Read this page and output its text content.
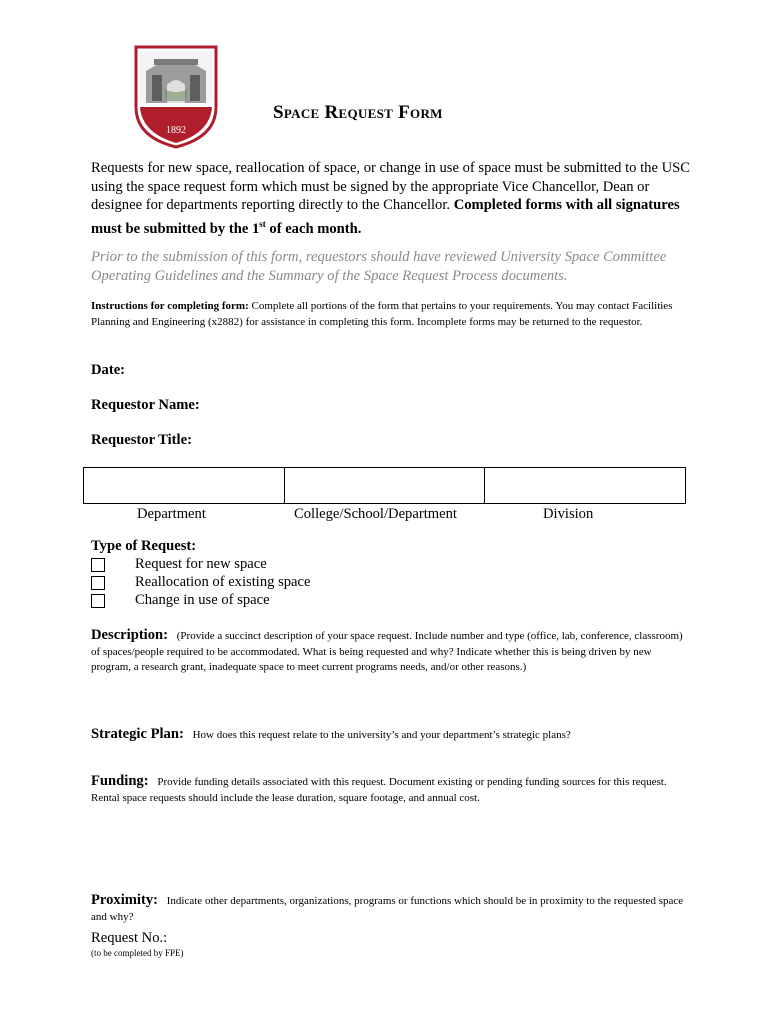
1892
Space Request Form
Requests for new space, reallocation of space, or change in use of space must be submitted to the USC using the space request form which must be signed by the appropriate Vice Chancellor, Dean or designee for departments reporting directly to the Chancellor. Completed forms with all signatures must be submitted by the 1st of each month.
Prior to the submission of this form, requestors should have reviewed University Space Committee Operating Guidelines and the Summary of the Space Request Process documents.
Instructions for completing form: Complete all portions of the form that pertains to your requirements. You may contact Facilities Planning and Engineering (x2882) for assistance in completing this form. Incomplete forms may be returned to the requestor.
Date:
Requestor Name:
Requestor Title:
Department	College/School/Department	Division
Type of Request:
Request for new space
Reallocation of existing space
Change in use of space
Description: (Provide a succinct description of your space request. Include number and type (office, lab, conference, classroom) of spaces/people required to be accommodated. What is being requested and why? Indicate whether this is being driven by new program, a research grant, inadequate space to meet current programs needs, and/or other reasons.)
Strategic Plan: How does this request relate to the university’s and your department’s strategic plans?
Funding: Provide funding details associated with this request. Document existing or pending funding sources for this request. Rental space requests should include the lease duration, square footage, and annual cost.
Proximity: Indicate other departments, organizations, programs or functions which should be in proximity to the requested space and why?
Request No.:
(to be completed by FPE)
